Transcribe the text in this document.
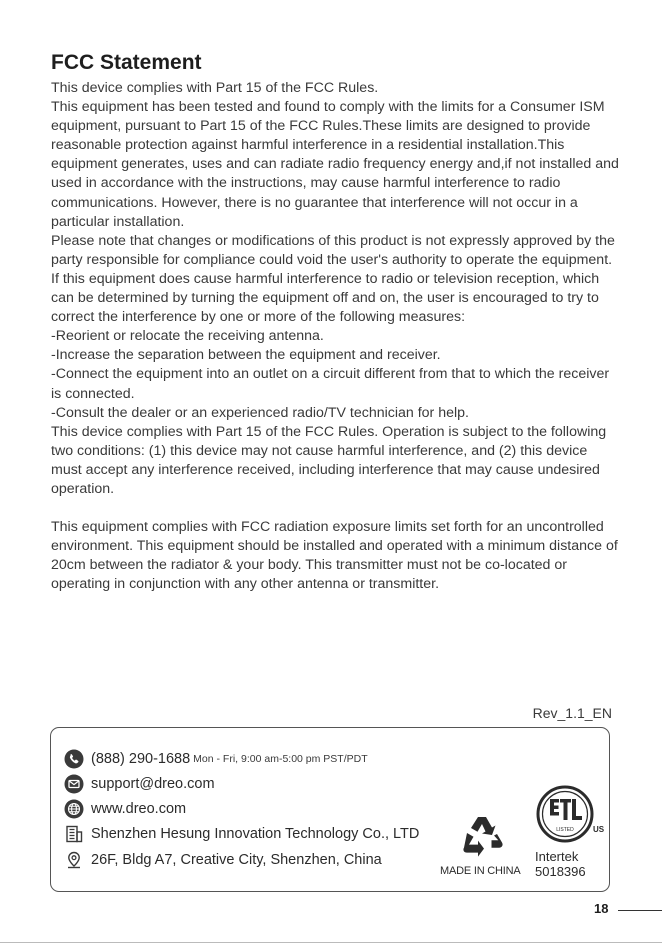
FCC Statement

This device complies with Part 15 of the FCC Rules.

This equipment has been tested and found to comply with the limits for a Consumer ISM equipment, pursuant to Part 15 of the FCC Rules.These limits are designed to provide reasonable protection against harmful interference in a residential installation.This equipment generates, uses and can radiate radio frequency energy and,if not installed and used in accordance with the instructions, may cause harmful interference to radio communications. However, there is no guarantee that interference will not occur in a particular installation.

Please note that changes or modifications of this product is not expressly approved by the party responsible for compliance could void the user's authority to operate the equipment.

If this equipment does cause harmful interference to radio or television reception, which can be determined by turning the equipment off and on, the user is encouraged to try to correct the interference by one or more of the following measures:

-Reorient or relocate the receiving antenna.

-Increase the separation between the equipment and receiver.

-Connect the equipment into an outlet on a circuit different from that to which the receiver is connected.

-Consult the dealer or an experienced radio/TV technician for help.

This device complies with Part 15 of the FCC Rules. Operation is subject to the following two conditions: (1) this device may not cause harmful interference, and (2) this device must accept any interference received, including interference that may cause undesired operation.

This equipment complies with FCC radiation exposure limits set forth for an uncontrolled environment. This equipment should be installed and operated with a minimum distance of 20cm between the radiator & your body. This transmitter must not be co-located or operating in conjunction with any other antenna or transmitter.

Rev_1.1_EN
(888) 290-1688 Mon - Fri, 9:00 am-5:00 pm PST/PDT
support@dreo.com
www.dreo.com
Shenzhen Hesung Innovation Technology Co., LTD
26F, Bldg A7, Creative City, Shenzhen, China
MADE IN CHINA
LISTED US
Intertek
5018396
18
